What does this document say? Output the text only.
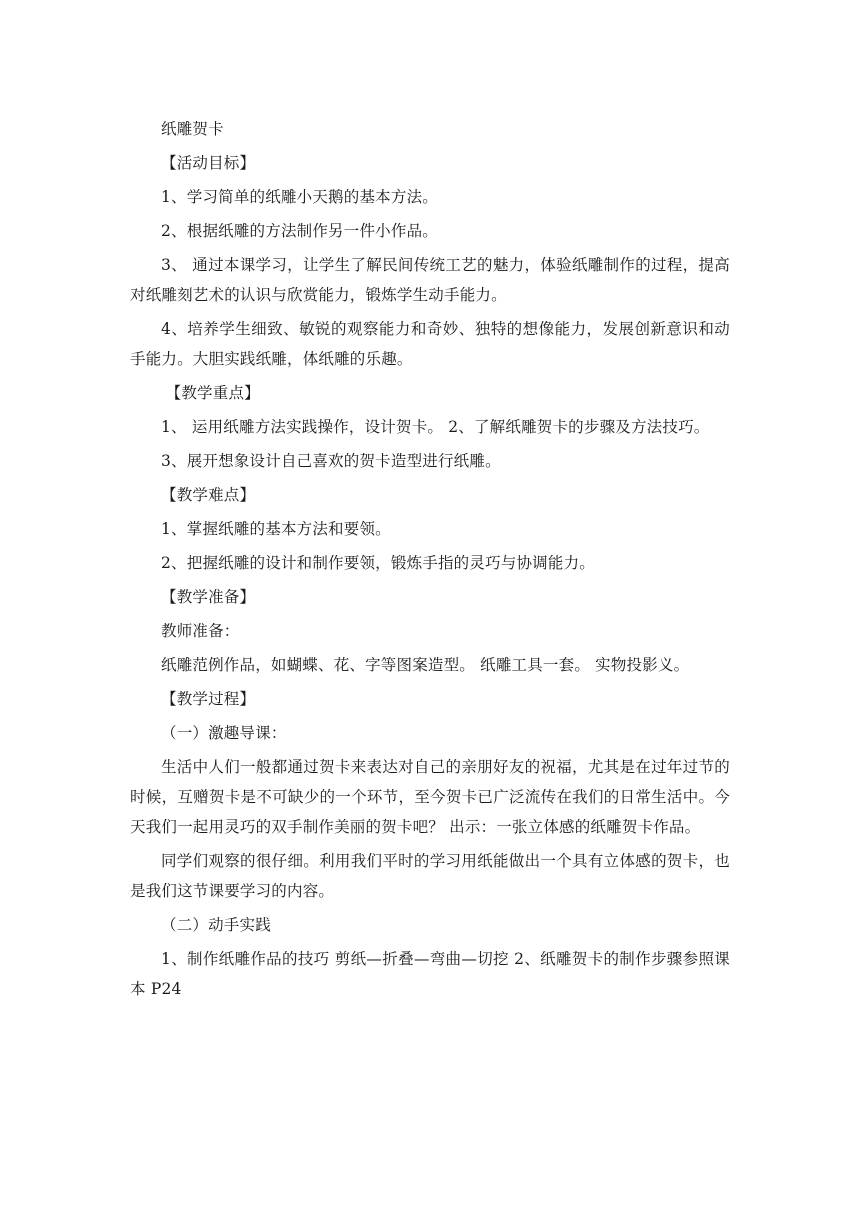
纸雕贺卡

【活动目标】

1、学习简单的纸雕小天鹅的基本方法。

2、根据纸雕的方法制作另一件小作品。

3、 通过本课学习，让学生了解民间传统工艺的魅力，体验纸雕制作的过程，提高对纸雕刻艺术的认识与欣赏能力，锻炼学生动手能力。

4、培养学生细致、敏锐的观察能力和奇妙、独特的想像能力，发展创新意识和动手能力。大胆实践纸雕，体纸雕的乐趣。

【教学重点】

1、 运用纸雕方法实践操作，设计贺卡。 2、了解纸雕贺卡的步骤及方法技巧。

3、展开想象设计自己喜欢的贺卡造型进行纸雕。

【教学难点】

1、掌握纸雕的基本方法和要领。

2、把握纸雕的设计和制作要领，锻炼手指的灵巧与协调能力。

【教学准备】

教师准备：

纸雕范例作品，如蝴蝶、花、字等图案造型。 纸雕工具一套。 实物投影义。

【教学过程】

（一）激趣导课：

生活中人们一般都通过贺卡来表达对自己的亲朋好友的祝福，尤其是在过年过节的时候，互赠贺卡是不可缺少的一个环节，至今贺卡已广泛流传在我们的日常生活中。今天我们一起用灵巧的双手制作美丽的贺卡吧？ 出示：一张立体感的纸雕贺卡作品。

同学们观察的很仔细。利用我们平时的学习用纸能做出一个具有立体感的贺卡，也是我们这节课要学习的内容。

（二）动手实践

1、制作纸雕作品的技巧 剪纸—折叠—弯曲—切挖 2、纸雕贺卡的制作步骤参照课本 P24
